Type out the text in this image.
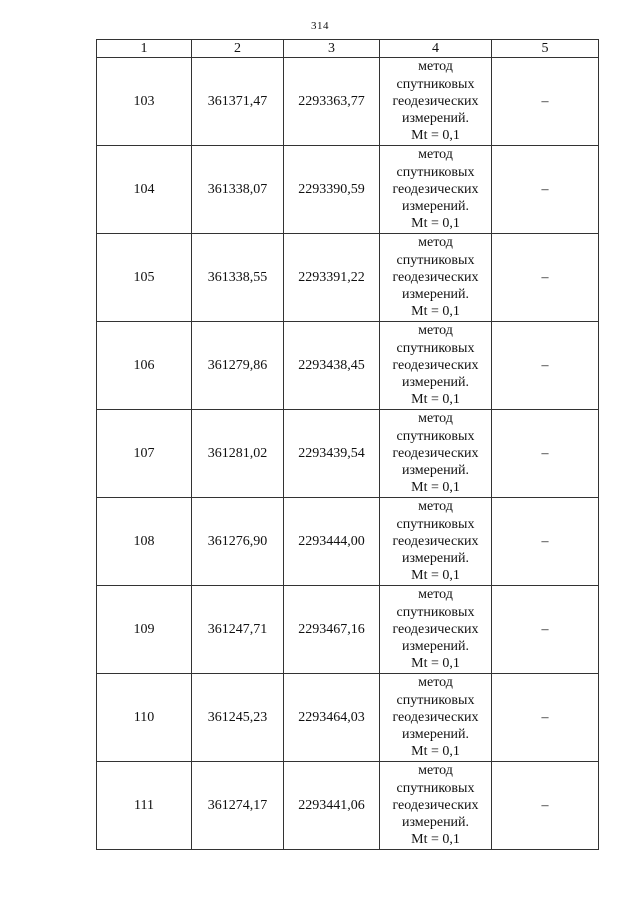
314
1	2	3	4	5
103	361371,47	2293363,77	метод
спутниковых
геодезических
измерений.
Mt = 0,1	–
104	361338,07	2293390,59	метод
спутниковых
геодезических
измерений.
Mt = 0,1	–
105	361338,55	2293391,22	метод
спутниковых
геодезических
измерений.
Mt = 0,1	–
106	361279,86	2293438,45	метод
спутниковых
геодезических
измерений.
Mt = 0,1	–
107	361281,02	2293439,54	метод
спутниковых
геодезических
измерений.
Mt = 0,1	–
108	361276,90	2293444,00	метод
спутниковых
геодезических
измерений.
Mt = 0,1	–
109	361247,71	2293467,16	метод
спутниковых
геодезических
измерений.
Mt = 0,1	–
110	361245,23	2293464,03	метод
спутниковых
геодезических
измерений.
Mt = 0,1	–
111	361274,17	2293441,06	метод
спутниковых
геодезических
измерений.
Mt = 0,1	–
